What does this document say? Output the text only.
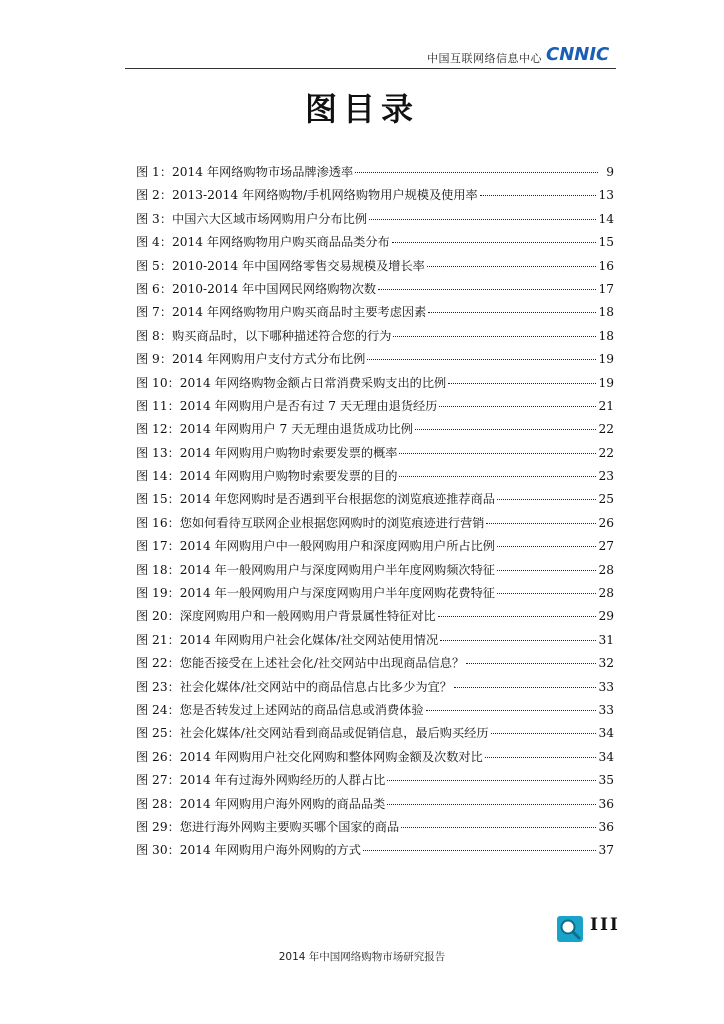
中国互联网络信息中心 CNNIC
图目录
图 1：2014 年网络购物市场品牌渗透率	9
图 2：2013-2014 年网络购物/手机网络购物用户规模及使用率	13
图 3：中国六大区域市场网购用户分布比例	14
图 4：2014 年网络购物用户购买商品品类分布	15
图 5：2010-2014 年中国网络零售交易规模及增长率	16
图 6：2010-2014 年中国网民网络购物次数	17
图 7：2014 年网络购物用户购买商品时主要考虑因素	18
图 8：购买商品时，以下哪种描述符合您的行为	18
图 9：2014 年网购用户支付方式分布比例	19
图 10：2014 年网络购物金额占日常消费采购支出的比例	19
图 11：2014 年网购用户是否有过 7 天无理由退货经历	21
图 12：2014 年网购用户 7 天无理由退货成功比例	22
图 13：2014 年网购用户购物时索要发票的概率	22
图 14：2014 年网购用户购物时索要发票的目的	23
图 15：2014 年您网购时是否遇到平台根据您的浏览痕迹推荐商品	25
图 16：您如何看待互联网企业根据您网购时的浏览痕迹进行营销	26
图 17：2014 年网购用户中一般网购用户和深度网购用户所占比例	27
图 18：2014 年一般网购用户与深度网购用户半年度网购频次特征	28
图 19：2014 年一般网购用户与深度网购用户半年度网购花费特征	28
图 20：深度网购用户和一般网购用户背景属性特征对比	29
图 21：2014 年网购用户社会化媒体/社交网站使用情况	31
图 22：您能否接受在上述社会化/社交网站中出现商品信息？	32
图 23：社会化媒体/社交网站中的商品信息占比多少为宜？	33
图 24：您是否转发过上述网站的商品信息或消费体验	33
图 25：社会化媒体/社交网站看到商品或促销信息，最后购买经历	34
图 26：2014 年网购用户社交化网购和整体网购金额及次数对比	34
图 27：2014 年有过海外网购经历的人群占比	35
图 28：2014 年网购用户海外网购的商品品类	36
图 29：您进行海外网购主要购买哪个国家的商品	36
图 30：2014 年网购用户海外网购的方式	37
III
2014 年中国网络购物市场研究报告
